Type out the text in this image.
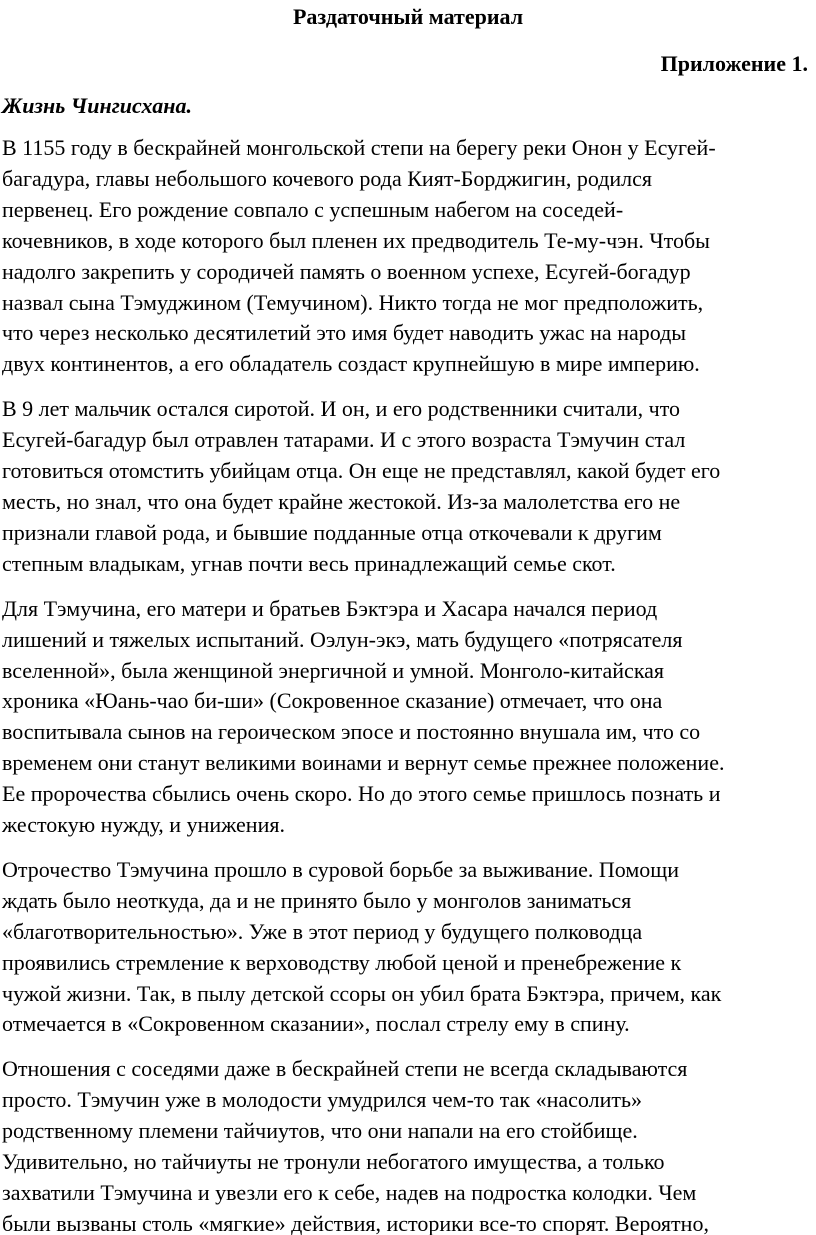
Раздаточный материал
Приложение 1.
Жизнь Чингисхана.

В 1155 году в бескрайней монгольской степи на берегу реки Онон у Есугей-
багадура, главы небольшого кочевого рода Кият-Борджигин, родился
первенец. Его рождение совпало с успешным набегом на соседей-
кочевников, в ходе которого был пленен их предводитель Те-му-чэн. Чтобы
надолго закрепить у сородичей память о военном успехе, Есугей-богадур
назвал сына Тэмуджином (Темучином). Никто тогда не мог предположить,
что через несколько десятилетий это имя будет наводить ужас на народы
двух континентов, а его обладатель создаст крупнейшую в мире империю.

В 9 лет мальчик остался сиротой. И он, и его родственники считали, что
Есугей-багадур был отравлен татарами. И с этого возраста Тэмучин стал
готовиться отомстить убийцам отца. Он еще не представлял, какой будет его
месть, но знал, что она будет крайне жестокой. Из-за малолетства его не
признали главой рода, и бывшие подданные отца откочевали к другим
степным владыкам, угнав почти весь принадлежащий семье скот.

Для Тэмучина, его матери и братьев Бэктэра и Хасара начался период
лишений и тяжелых испытаний. Оэлун-экэ, мать будущего «потрясателя
вселенной», была женщиной энергичной и умной. Монголо-китайская
хроника «Юань-чао би-ши» (Сокровенное сказание) отмечает, что она
воспитывала сынов на героическом эпосе и постоянно внушала им, что со
временем они станут великими воинами и вернут семье прежнее положение.
Ее пророчества сбылись очень скоро. Но до этого семье пришлось познать и
жестокую нужду, и унижения.

Отрочество Тэмучина прошло в суровой борьбе за выживание. Помощи
ждать было неоткуда, да и не принято было у монголов заниматься
«благотворительностью». Уже в этот период у будущего полководца
проявились стремление к верховодству любой ценой и пренебрежение к
чужой жизни. Так, в пылу детской ссоры он убил брата Бэктэра, причем, как
отмечается в «Сокровенном сказании», послал стрелу ему в спину.

Отношения с соседями даже в бескрайней степи не всегда складываются
просто. Тэмучин уже в молодости умудрился чем-то так «насолить»
родственному племени тайчиутов, что они напали на его стойбище.
Удивительно, но тайчиуты не тронули небогатого имущества, а только
захватили Тэмучина и увезли его к себе, надев на подростка колодки. Чем
были вызваны столь «мягкие» действия, историки все-то спорят. Вероятно,
